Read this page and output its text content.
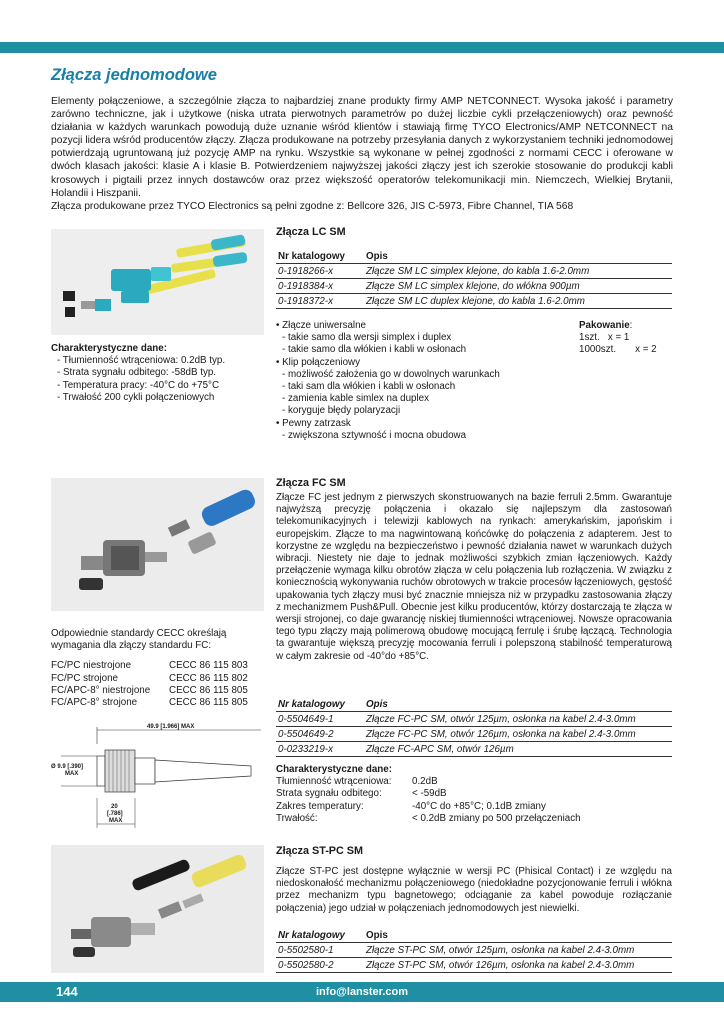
Złącza jednomodowe

Elementy połączeniowe, a szczególnie złącza to najbardziej znane produkty firmy AMP NETCONNECT. Wysoka jakość i parametry zarówno techniczne, jak i użytkowe (niska utrata pierwotnych parametrów po dużej liczbie cykli przełączeniowych) oraz pewność działania w każdych warunkach powodują duże uznanie wśród klientów i stawiają firmę TYCO Electronics/AMP NETCONNECT na pozycji lidera wśród producentów złączy. Złącza produkowane na potrzeby przesyłania danych z wykorzystaniem techniki jednomodowej potwierdzają ugruntowaną już pozycję AMP na rynku. Wszystkie są wykonane w pełnej zgodności z normami CECC i oferowane w dwóch klasach jakości: klasie A i klasie B. Potwierdzeniem najwyższej jakości złączy jest ich szerokie stosowanie do produkcji kabli krosowych i pigtaili przez innych dostawców oraz przez większość operatorów telekomunikacji min. Niemczech, Wielkiej Brytanii, Holandii i Hiszpanii.

Złącza produkowane przez TYCO Electronics są pełni zgodne z: Bellcore 326, JIS C-5973, Fibre Channel, TIA 568

Charakterystyczne dane:
- Tłumienność wtrąceniowa: 0.2dB typ.
- Strata sygnału odbitego: -58dB typ.
- Temperatura pracy: -40°C do +75°C
- Trwałość 200 cykli połączeniowych
Złącza LC SM
Nr katalogowy	Opis
0-1918266-x	Złącze SM LC simplex klejone, do kabla 1.6-2.0mm
0-1918384-x	Złącze SM LC simplex klejone, do włókna 900µm
0-1918372-x	Złącze SM LC duplex klejone, do kabla 1.6-2.0mm
• Złącze uniwersalne
- takie samo dla wersji simplex i duplex
- takie samo dla włókien i kabli w osłonach
• Klip połączeniowy
- możliwość założenia go w dowolnych warunkach
- taki sam dla włókien i kabli w osłonach
- zamienia kable simlex na duplex
- koryguje błędy polaryzacji
• Pewny zatrzask
- zwiększona sztywność i mocna obudowa
Pakowanie:
1szt.   x = 1
1000szt.       x = 2
Odpowiednie standardy CECC określają wymagania dla złączy standardu FC:
FC/PC niestrojone	CECC 86 115 803
FC/PC strojone	CECC 86 115 802
FC/APC-8° niestrojone	CECC 86 115 805
FC/APC-8° strojone	CECC 86 115 805
49.9 [1.966] MAX
Ø 9.9 [.390]
MAX
20
[.786]
MAX
Złącza FC SM
Złącze FC jest jednym z pierwszych skonstruowanych na bazie ferruli 2.5mm. Gwarantuje najwyższą precyzję połączenia i okazało się najlepszym dla zastosowań telekomunikacyjnych i telewizji kablowych na rynkach: amerykańskim, japońskim i europejskim. Złącze to ma nagwintowaną końcówkę do połączenia z adapterem. Jest to korzystne ze względu na bezpieczeństwo i pewność działania nawet w warunkach dużych wibracji. Niestety nie daje to jednak możliwości szybkich zmian łączeniowych. Każdy przełączenie wymaga kilku obrotów złącza w celu połączenia lub rozłączenia. W związku z koniecznością wykonywania ruchów obrotowych w trakcie procesów łączeniowych, gęstość upakowania tych złączy musi być znacznie mniejsza niż w przypadku zastosowania złączy z mechanizmem Push&Pull. Obecnie jest kilku producentów, którzy dostarczają te złącza w wersji strojonej, co daje gwarancję niskiej tłumienności wtrąceniowej. Nowsze opracowania tego typu złączy mają polimerową obudowę mocującą ferrulę i śrubę łączącą. Technologia ta gwarantuje większą precyzję mocowania ferruli i polepszoną stabilność temperaturową w całym zakresie od -40°do +85°C.
Nr katalogowy	Opis
0-5504649-1	Złącze FC-PC SM, otwór 125µm, osłonka na kabel 2.4-3.0mm
0-5504649-2	Złącze FC-PC SM, otwór 126µm, osłonka na kabel 2.4-3.0mm
0-0233219-x	Złącze FC-APC SM, otwór 126µm
Charakterystyczne dane:
Tłumienność wtrąceniowa:	0.2dB
Strata sygnału odbitego:	< -59dB
Zakres temperatury:	-40°C do +85°C; 0.1dB zmiany
Trwałość:	< 0.2dB zmiany po 500 przełączeniach
Złącza ST-PC SM
Złącze ST-PC jest dostępne wyłącznie w wersji PC (Phisical Contact) i ze względu na niedoskonałość mechanizmu połączeniowego (niedokładne pozycjonowanie ferruli i włókna przez mechanizm typu bagnetowego; odciąganie za kabel powoduje rozłączanie połączenia) jego udział w połączeniach jednomodowych jest niewielki.
Nr katalogowy	Opis
0-5502580-1	Złącze ST-PC SM, otwór 125µm, osłonka na kabel 2.4-3.0mm
0-5502580-2	Złącze ST-PC SM, otwór 126µm, osłonka na kabel 2.4-3.0mm
144	info@lanster.com
